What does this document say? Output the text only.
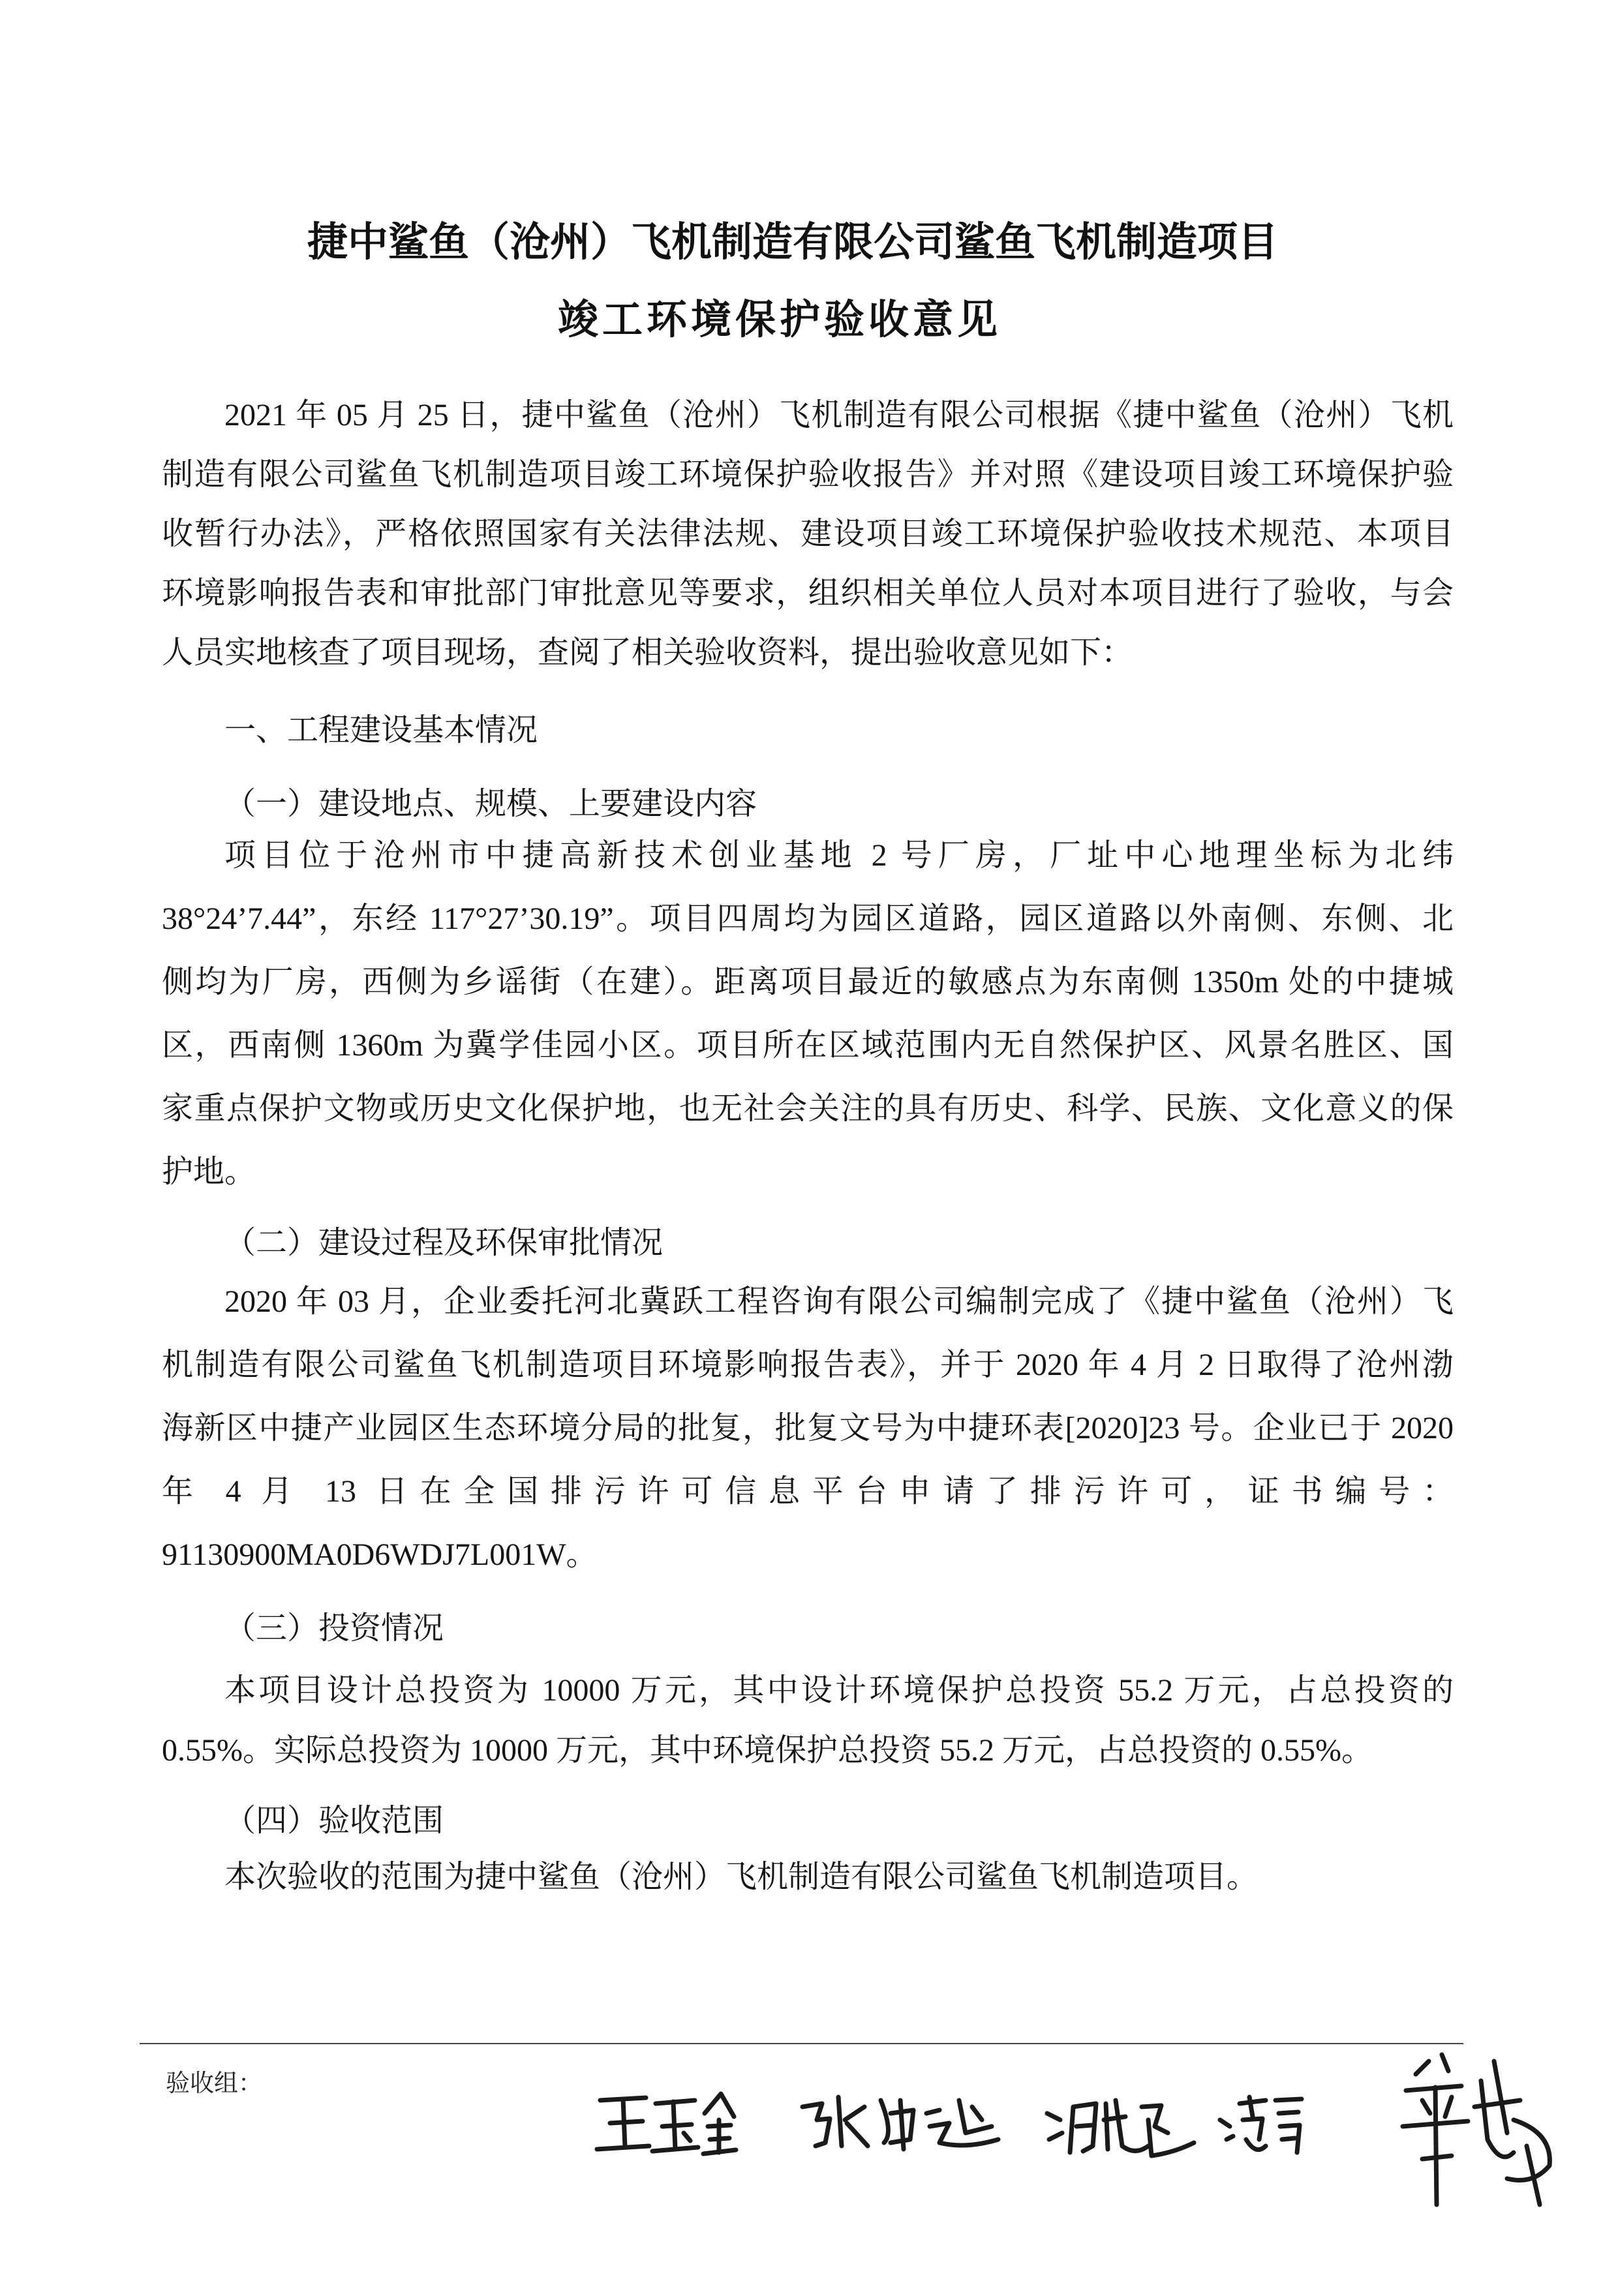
捷中鲨鱼（沧州）飞机制造有限公司鲨鱼飞机制造项目
竣工环境保护验收意见
2021 年 05 月 25 日，捷中鲨鱼（沧州）飞机制造有限公司根据《捷中鲨鱼（沧州）飞机
制造有限公司鲨鱼飞机制造项目竣工环境保护验收报告》并对照《建设项目竣工环境保护验
收暂行办法》，严格依照国家有关法律法规、建设项目竣工环境保护验收技术规范、本项目
环境影响报告表和审批部门审批意见等要求，组织相关单位人员对本项目进行了验收，与会
人员实地核查了项目现场，查阅了相关验收资料，提出验收意见如下：
一、工程建设基本情况
（一）建设地点、规模、上要建设内容
项目位于沧州市中捷高新技术创业基地 2 号厂房，厂址中心地理坐标为北纬
38°24’7.44”，东经 117°27’30.19”。项目四周均为园区道路，园区道路以外南侧、东侧、北
侧均为厂房，西侧为乡谣街（在建）。距离项目最近的敏感点为东南侧 1350m 处的中捷城
区，西南侧 1360m 为冀学佳园小区。项目所在区域范围内无自然保护区、风景名胜区、国
家重点保护文物或历史文化保护地，也无社会关注的具有历史、科学、民族、文化意义的保
护地。
（二）建设过程及环保审批情况
2020 年 03 月，企业委托河北冀跃工程咨询有限公司编制完成了《捷中鲨鱼（沧州）飞
机制造有限公司鲨鱼飞机制造项目环境影响报告表》，并于 2020 年 4 月 2 日取得了沧州渤
海新区中捷产业园区生态环境分局的批复，批复文号为中捷环表[2020]23 号。企业已于 2020
年 4 月 13 日在全国排污许可信息平台申请了排污许可，证书编号：
91130900MA0D6WDJ7L001W。
（三）投资情况
本项目设计总投资为 10000 万元，其中设计环境保护总投资 55.2 万元，占总投资的
0.55%。实际总投资为 10000 万元，其中环境保护总投资 55.2 万元，占总投资的 0.55%。
（四）验收范围
本次验收的范围为捷中鲨鱼（沧州）飞机制造有限公司鲨鱼飞机制造项目。
验收组：
